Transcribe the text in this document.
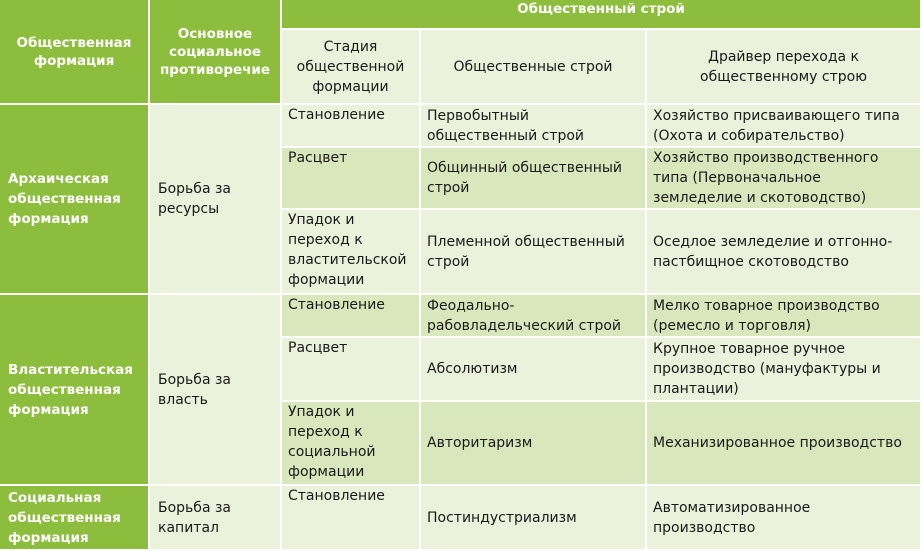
Общественная формация	Основное социальное противоречие	Общественный строй		
		Стадия общественной формации	Общественные строй	Драйвер перехода к общественному строю
Архаическая общественная формация	Борьба за ресурсы	Становление	Первобытный общественный строй	Хозяйство присваивающего типа (Охота и собирательство)
		Расцвет	Общинный общественный строй	Хозяйство производственного типа (Первоначальное земледелие и скотоводство)
		Упадок и переход к властительской формации	Племенной общественный строй	Оседлое земледелие и отгонно-пастбищное скотоводство
Властительская общественная формация	Борьба за власть	Становление	Феодально-рабовладельческий строй	Мелко товарное производство (ремесло и торговля)
		Расцвет	Абсолютизм	Крупное товарное ручное производство (мануфактуры и плантации)
		Упадок и переход к социальной формации	Авторитаризм	Механизированное производство
Социальная общественная формация	Борьба за капитал	Становление	Постиндустриализм	Автоматизированное производство
